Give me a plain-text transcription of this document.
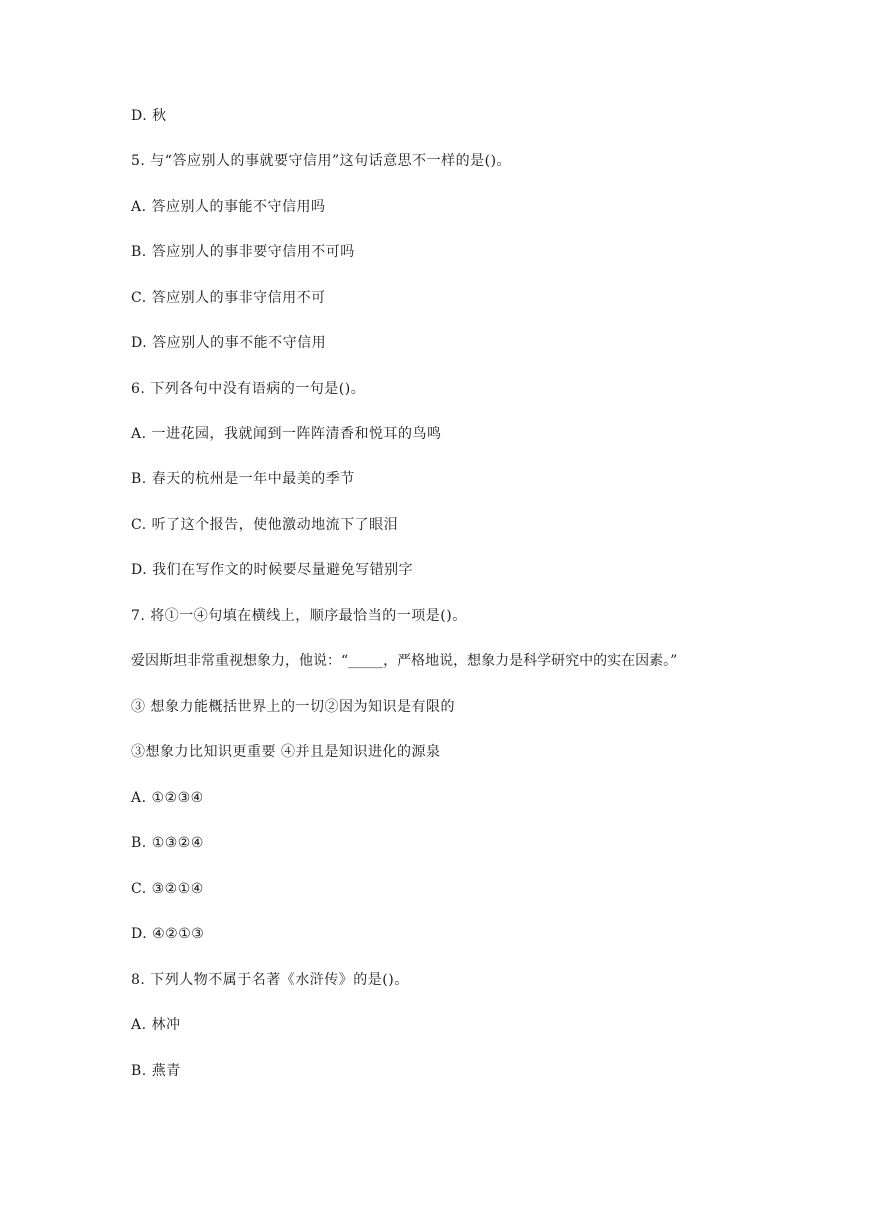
D. 秋
5. 与“答应别人的事就要守信用”这句话意思不一样的是()。
A. 答应别人的事能不守信用吗
B. 答应别人的事非要守信用不可吗
C. 答应别人的事非守信用不可
D. 答应别人的事不能不守信用
6. 下列各句中没有语病的一句是()。
A. 一进花园，我就闻到一阵阵清香和悦耳的鸟鸣
B. 春天的杭州是一年中最美的季节
C. 听了这个报告，使他激动地流下了眼泪
D. 我们在写作文的时候要尽量避免写错别字
7. 将①一④句填在横线上，顺序最恰当的一项是()。
爱因斯坦非常重视想象力，他说：“_____，严格地说，想象力是科学研究中的实在因素。”
③ 想象力能概括世界上的一切②因为知识是有限的
③想象力比知识更重要 ④并且是知识进化的源泉
A. ①②③④
B. ①③②④
C. ③②①④
D. ④②①③
8. 下列人物不属于名著《水浒传》的是()。
A. 林冲
B. 燕青
